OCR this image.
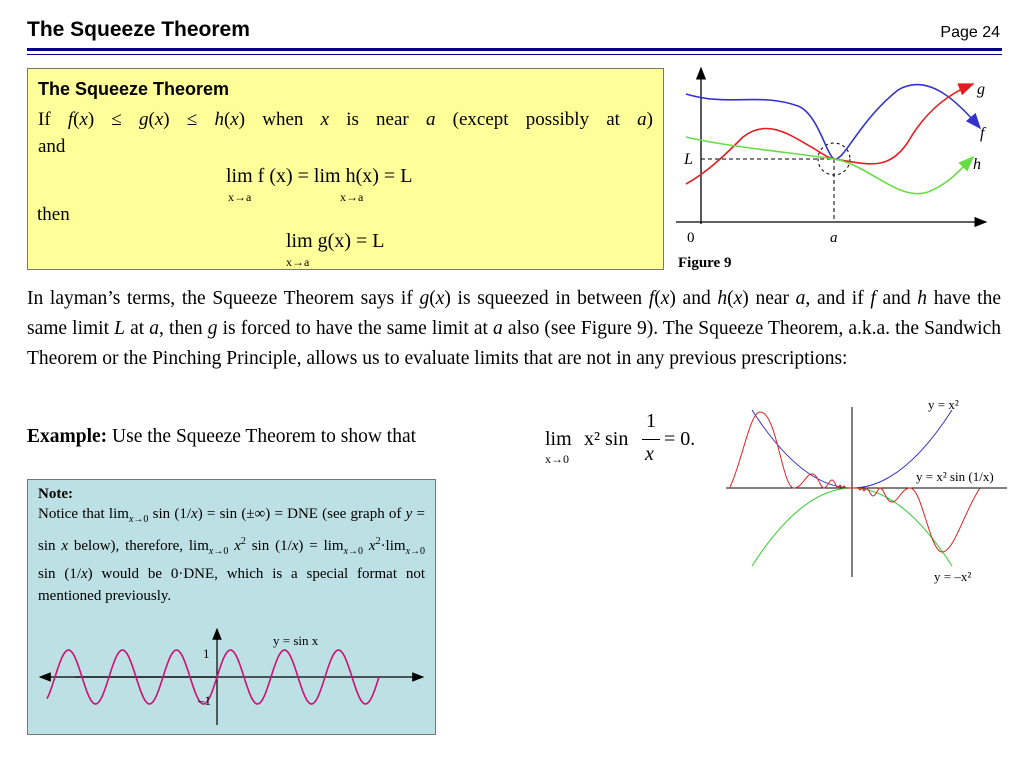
The Squeeze Theorem	Page 24
The Squeeze Theorem
If f(x) ≤ g(x) ≤ h(x) when x is near a (except possibly at a)
and
lim f (x) = lim h(x) = L
x→a	x→a
then
lim g(x) = L
x→a
g
f
h
L
0	a
Figure 9
In layman’s terms, the Squeeze Theorem says if g(x) is squeezed in between f(x) and h(x) near a, and if f and h have the same limit L at a, then g is forced to have the same limit at a also (see Figure 9). The Squeeze Theorem, a.k.a. the Sandwich Theorem or the Pinching Principle, allows us to evaluate limits that are not in any previous prescriptions:
Example: Use the Squeeze Theorem to show that	lim
x→0
x² sin
1
x
= 0.
y = x²
y = x² sin (1/x)
y = –x²
Note:
Notice that $\lim_{x\to 0} \sin (1/x) = \sin$ (±∞) = DNE (see graph of y = sin x below), therefore, $\lim_{x\to 0} x^2$ $\sin (1/x) = \lim_{x\to 0} x^2\cdot\lim_{x\to 0}$ sin (1/x) would be 0·DNE, which is a special format not mentioned previously.
y = sin x
1
–1
